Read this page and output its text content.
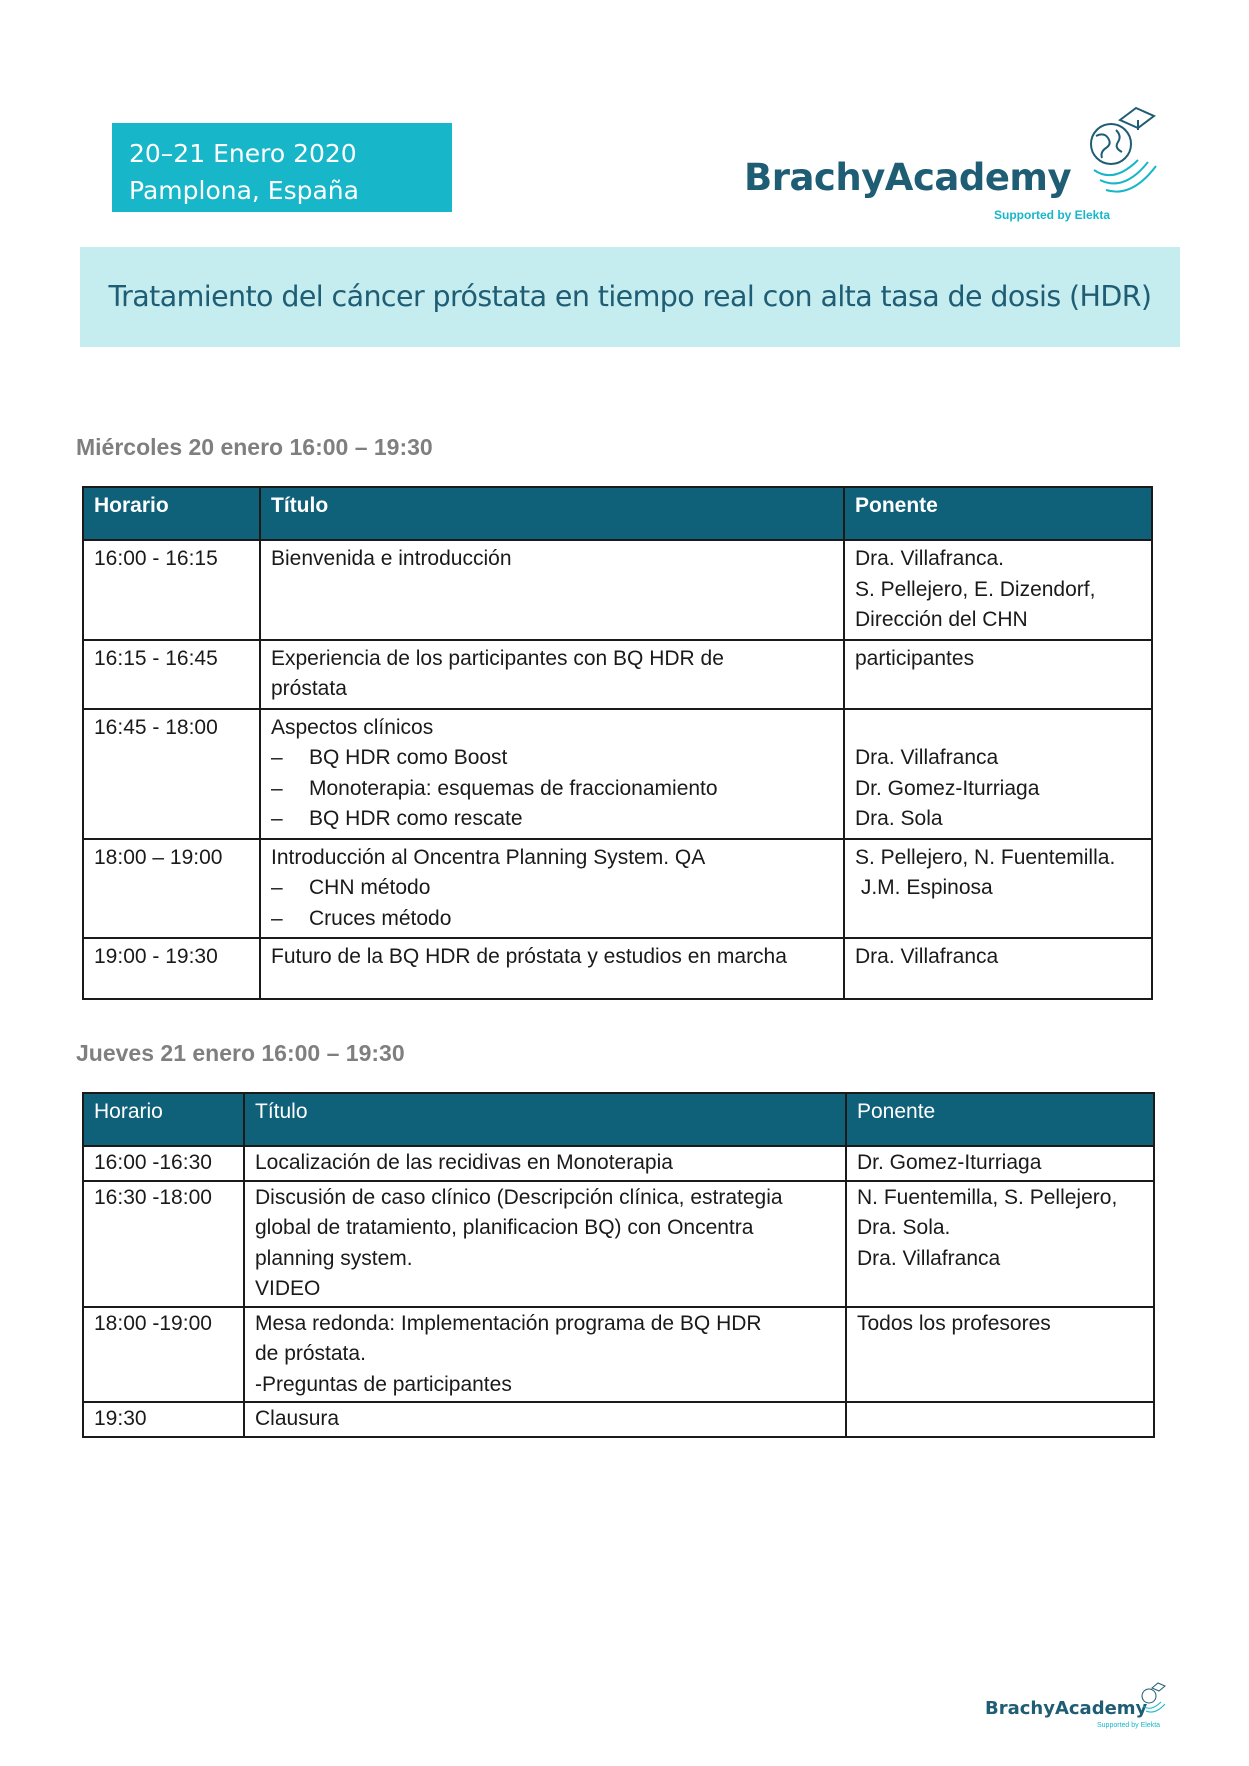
20–21 Enero 2020
Pamplona, España	BrachyAcademy
Supported by Elekta
Tratamiento del cáncer próstata en tiempo real con alta tasa de dosis (HDR)
Miércoles 20 enero 16:00 – 19:30
Horario	Título	Ponente
16:00 - 16:15	Bienvenida e introducción	Dra. Villafranca.
S. Pellejero, E. Dizendorf,
Dirección del CHN

16:15 - 16:45	Experiencia de los participantes con BQ HDR de
próstata	participantes
16:45 - 18:00	Aspectos clínicos
– BQ HDR como Boost
– Monoterapia: esquemas de fraccionamiento
– BQ HDR como rescate	Dra. Villafranca
Dr. Gomez-Iturriaga
Dra. Sola

18:00 – 19:00	Introducción al Oncentra Planning System. QA
– CHN método
– Cruces método	S. Pellejero, N. Fuentemilla.
J.M. Espinosa

19:00 - 19:30	Futuro de la BQ HDR de próstata y estudios en marcha	Dra. Villafranca
Jueves 21 enero 16:00 – 19:30
Horario	Título	Ponente
16:00 -16:30	Localización de las recidivas en Monoterapia	Dr. Gomez-Iturriaga
16:30 -18:00	Discusión de caso clínico (Descripción clínica, estrategia
global de tratamiento, planificacion BQ) con Oncentra
planning system.
VIDEO	N. Fuentemilla, S. Pellejero,
Dra. Sola.
Dra. Villafranca

18:00 -19:00	Mesa redonda: Implementación programa de BQ HDR
de próstata.
-Preguntas de participantes	Todos los profesores
19:30	Clausura	
BrachyAcademy
Supported by Elekta
